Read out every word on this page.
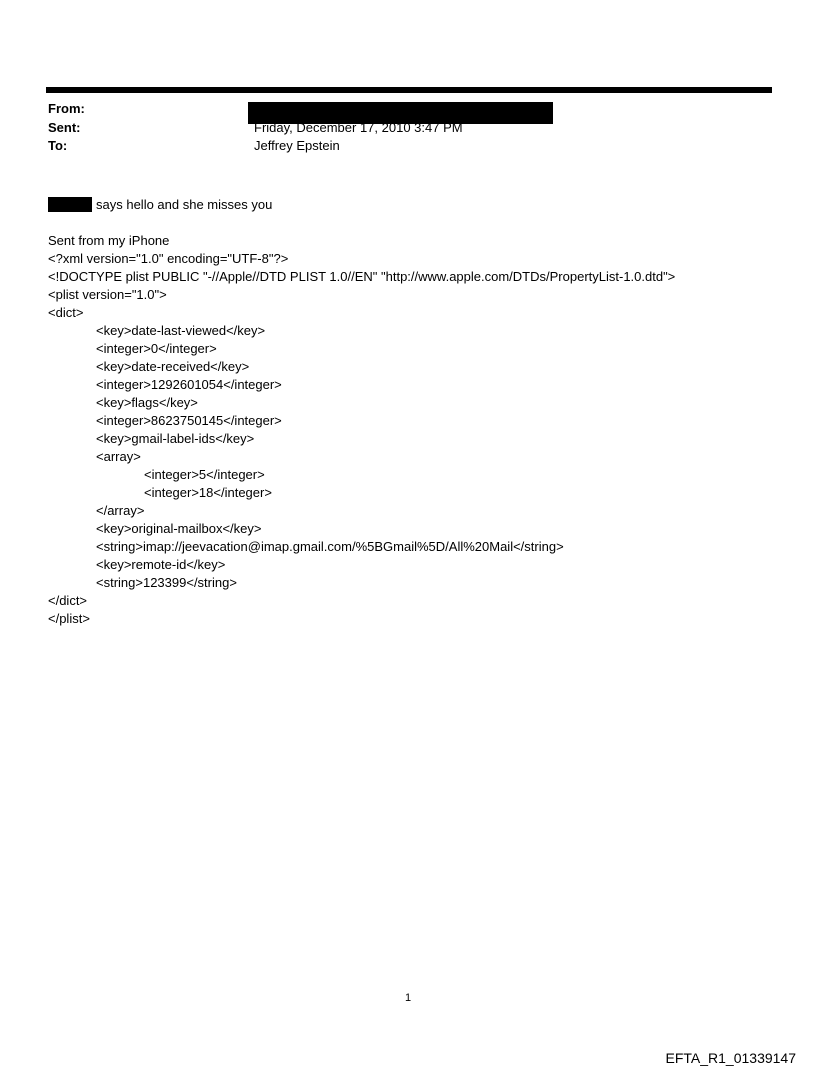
From:
Sent:	Friday, December 17, 2010 3:47 PM
To:	Jeffrey Epstein
says hello and she misses you
Sent from my iPhone
<?xml version="1.0" encoding="UTF-8"?>
<!DOCTYPE plist PUBLIC "-//Apple//DTD PLIST 1.0//EN" "http://www.apple.com/DTDs/PropertyList-1.0.dtd">
<plist version="1.0">
<dict>
<key>date-last-viewed</key>
<integer>0</integer>
<key>date-received</key>
<integer>1292601054</integer>
<key>flags</key>
<integer>8623750145</integer>
<key>gmail-label-ids</key>
<array>
<integer>5</integer>
<integer>18</integer>
</array>
<key>original-mailbox</key>
<string>imap://jeevacation@imap.gmail.com/%5BGmail%5D/All%20Mail</string>
<key>remote-id</key>
<string>123399</string>
</dict>
</plist>
1
EFTA_R1_01339147
